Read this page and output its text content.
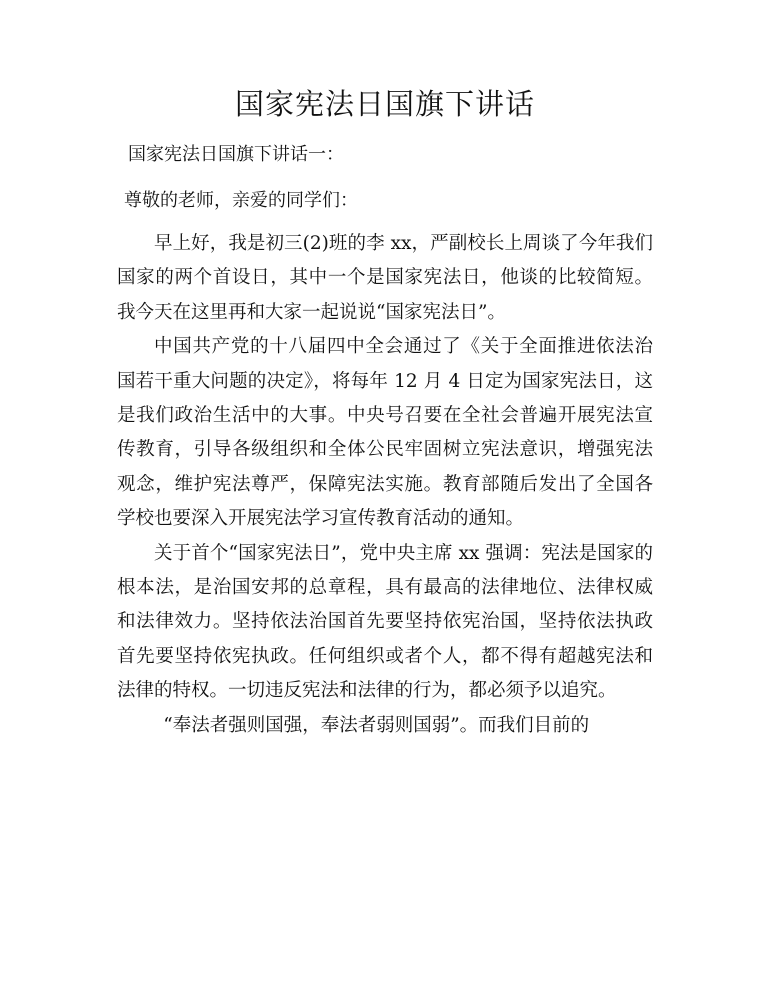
国家宪法日国旗下讲话
国家宪法日国旗下讲话一：
尊敬的老师，亲爱的同学们：

早上好，我是初三(2)班的李 xx，严副校长上周谈了今年我们国家的两个首设日，其中一个是国家宪法日，他谈的比较简短。我今天在这里再和大家一起说说“国家宪法日”。

中国共产党的十八届四中全会通过了《关于全面推进依法治国若干重大问题的决定》，将每年 12 月 4 日定为国家宪法日，这是我们政治生活中的大事。中央号召要在全社会普遍开展宪法宣传教育，引导各级组织和全体公民牢固树立宪法意识，增强宪法观念，维护宪法尊严，保障宪法实施。教育部随后发出了全国各学校也要深入开展宪法学习宣传教育活动的通知。

关于首个“国家宪法日”，党中央主席 xx 强调：宪法是国家的根本法，是治国安邦的总章程，具有最高的法律地位、法律权威和法律效力。坚持依法治国首先要坚持依宪治国，坚持依法执政首先要坚持依宪执政。任何组织或者个人，都不得有超越宪法和法律的特权。一切违反宪法和法律的行为，都必须予以追究。

“奉法者强则国强，奉法者弱则国弱”。而我们目前的
